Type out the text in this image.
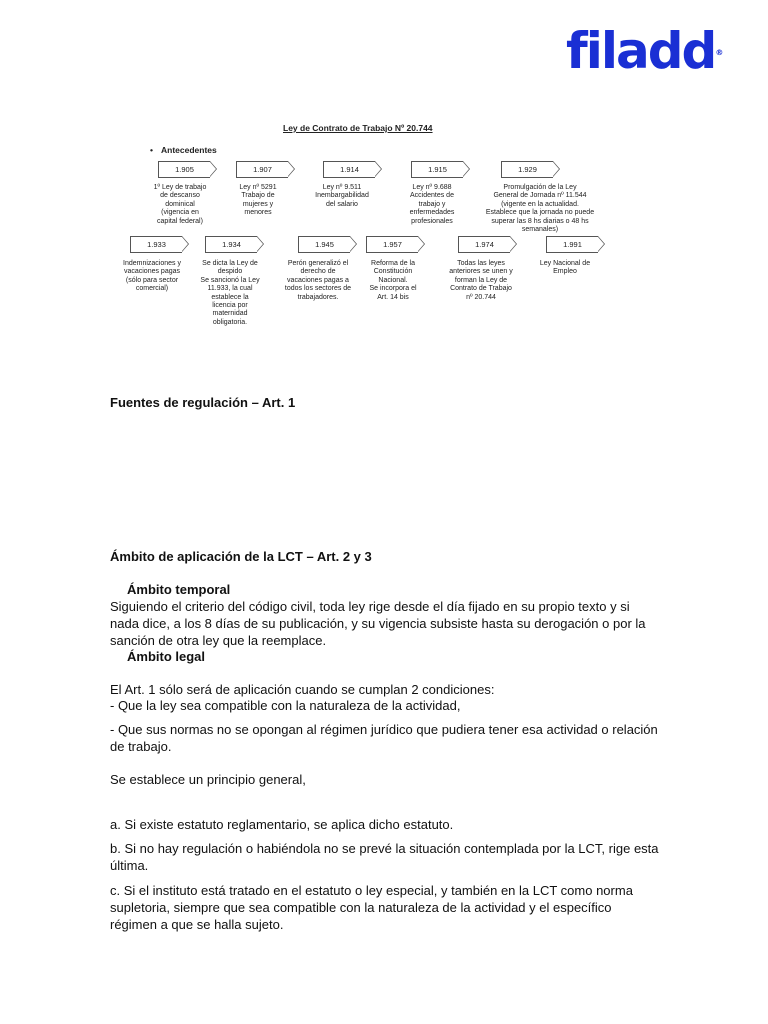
filadd ®
Ley de Contrato de Trabajo Nº 20.744
• Antecedentes
1.905
1º Ley de trabajo
de descanso
dominical
(vigencia en
capital federal)
1.907
Ley nº 5291
Trabajo de
mujeres y
menores
1.914
Ley nº 9.511
Inembargabilidad
del salario
1.915
Ley nº 9.688
Accidentes de
trabajo y
enfermedades
profesionales
1.929
Promulgación de la Ley
General de Jornada nº 11.544
(vigente en la actualidad.
Establece que la jornada no puede
superar las 8 hs diarias o 48 hs
semanales)
1.933
Indemnizaciones y
vacaciones pagas
(sólo para sector
comercial)
1.934
Se dicta la Ley de
despido
Se sancionó la Ley
11.933, la cual
establece la
licencia por
maternidad
obligatoria.
1.945
Perón generalizó el
derecho de
vacaciones pagas a
todos los sectores de
trabajadores.
1.957
Reforma de la
Constitución
Nacional.
Se incorpora el
Art. 14 bis
1.974
Todas las leyes
anteriores se unen y
forman la Ley de
Contrato de Trabajo
nº 20.744
1.991
Ley Nacional de
Empleo
Fuentes de regulación – Art. 1
Ámbito de aplicación de la LCT – Art. 2 y 3
Ámbito temporal
Siguiendo el criterio del código civil, toda ley rige desde el día fijado en su propio texto y si
nada dice, a los 8 días de su publicación, y su vigencia subsiste hasta su derogación o por la
sanción de otra ley que la reemplace.
Ámbito legal
El Art. 1 sólo será de aplicación cuando se cumplan 2 condiciones:
- Que la ley sea compatible con la naturaleza de la actividad,
- Que sus normas no se opongan al régimen jurídico que pudiera tener esa actividad o relación
de trabajo.
Se establece un principio general,
a. Si existe estatuto reglamentario, se aplica dicho estatuto.
b. Si no hay regulación o habiéndola no se prevé la situación contemplada por la LCT, rige esta
última.
c. Si el instituto está tratado en el estatuto o ley especial, y también en la LCT como norma
supletoria, siempre que sea compatible con la naturaleza de la actividad y el específico
régimen a que se halla sujeto.
